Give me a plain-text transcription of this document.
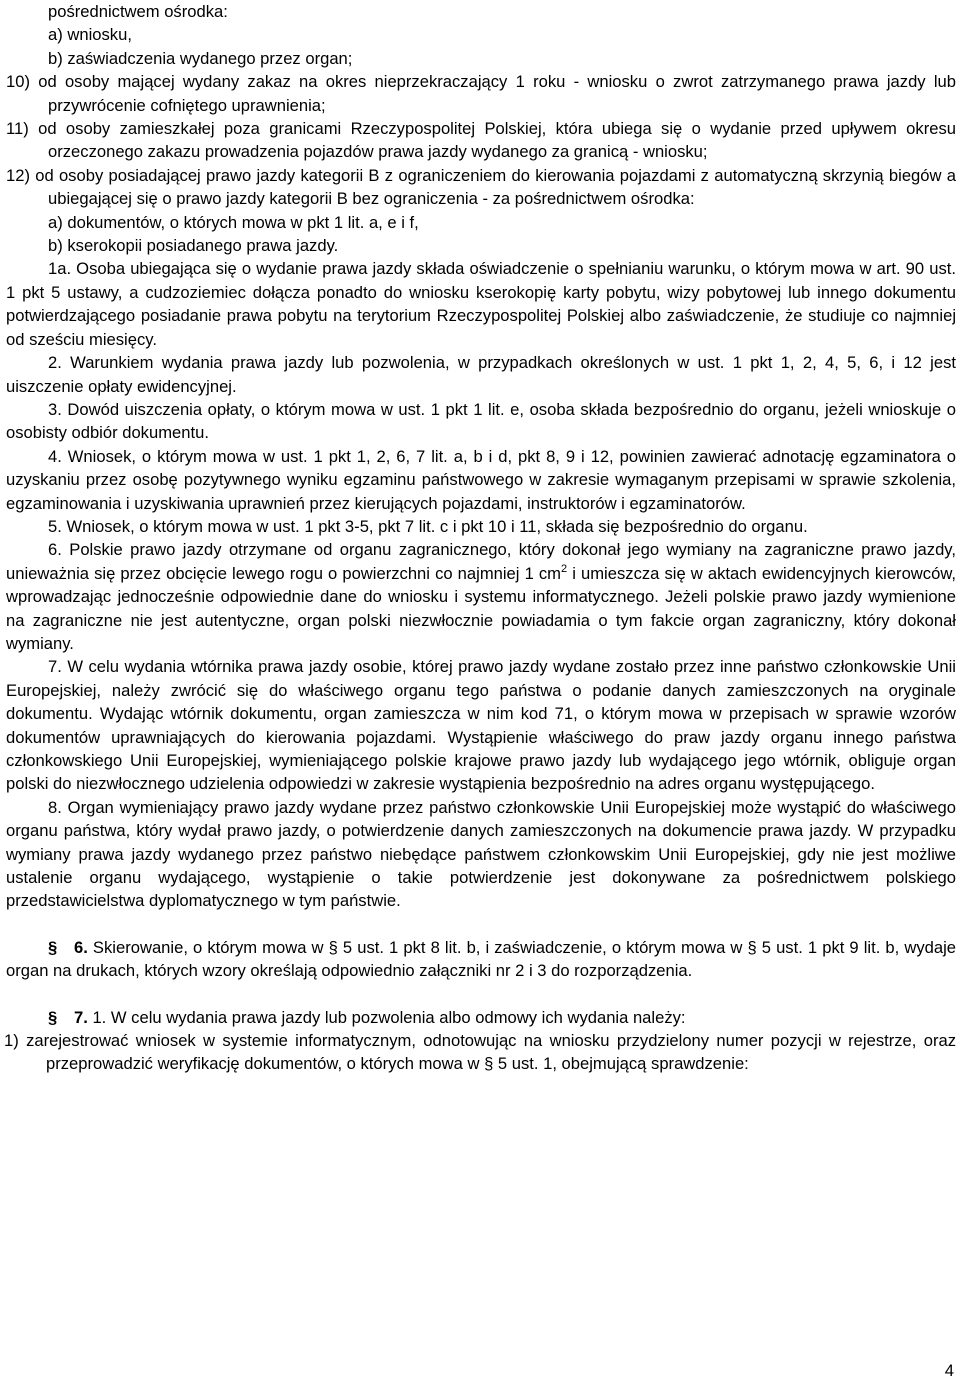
pośrednictwem ośrodka:

a) wniosku,

b) zaświadczenia wydanego przez organ;

10) od osoby mającej wydany zakaz na okres nieprzekraczający 1 roku - wniosku o zwrot zatrzymanego prawa jazdy lub przywrócenie cofniętego uprawnienia;

11) od osoby zamieszkałej poza granicami Rzeczypospolitej Polskiej, która ubiega się o wydanie przed upływem okresu orzeczonego zakazu prowadzenia pojazdów prawa jazdy wydanego za granicą - wniosku;

12) od osoby posiadającej prawo jazdy kategorii B z ograniczeniem do kierowania pojazdami z automatyczną skrzynią biegów a ubiegającej się o prawo jazdy kategorii B bez ograniczenia - za pośrednictwem ośrodka:

a) dokumentów, o których mowa w pkt 1 lit. a, e i f,

b) kserokopii posiadanego prawa jazdy.

1a. Osoba ubiegająca się o wydanie prawa jazdy składa oświadczenie o spełnianiu warunku, o którym mowa w art. 90 ust. 1 pkt 5 ustawy, a cudzoziemiec dołącza ponadto do wniosku kserokopię karty pobytu, wizy pobytowej lub innego dokumentu potwierdzającego posiadanie prawa pobytu na terytorium Rzeczypospolitej Polskiej albo zaświadczenie, że studiuje co najmniej od sześciu miesięcy.

2. Warunkiem wydania prawa jazdy lub pozwolenia, w przypadkach określonych w ust. 1 pkt 1, 2, 4, 5, 6, i 12 jest uiszczenie opłaty ewidencyjnej.

3. Dowód uiszczenia opłaty, o którym mowa w ust. 1 pkt 1 lit. e, osoba składa bezpośrednio do organu, jeżeli wnioskuje o osobisty odbiór dokumentu.

4. Wniosek, o którym mowa w ust. 1 pkt 1, 2, 6, 7 lit. a, b i d, pkt 8, 9 i 12, powinien zawierać adnotację egzaminatora o uzyskaniu przez osobę pozytywnego wyniku egzaminu państwowego w zakresie wymaganym przepisami w sprawie szkolenia, egzaminowania i uzyskiwania uprawnień przez kierujących pojazdami, instruktorów i egzaminatorów.

5. Wniosek, o którym mowa w ust. 1 pkt 3-5, pkt 7 lit. c i pkt 10 i 11, składa się bezpośrednio do organu.

6. Polskie prawo jazdy otrzymane od organu zagranicznego, który dokonał jego wymiany na zagraniczne prawo jazdy, unieważnia się przez obcięcie lewego rogu o powierzchni co najmniej 1 $cm^2$ i umieszcza się w aktach ewidencyjnych kierowców, wprowadzając jednocześnie odpowiednie dane do wniosku i systemu informatycznego. Jeżeli polskie prawo jazdy wymienione na zagraniczne nie jest autentyczne, organ polski niezwłocznie powiadamia o tym fakcie organ zagraniczny, który dokonał wymiany.

7. W celu wydania wtórnika prawa jazdy osobie, której prawo jazdy wydane zostało przez inne państwo członkowskie Unii Europejskiej, należy zwrócić się do właściwego organu tego państwa o podanie danych zamieszczonych na oryginale dokumentu. Wydając wtórnik dokumentu, organ zamieszcza w nim kod 71, o którym mowa w przepisach w sprawie wzorów dokumentów uprawniających do kierowania pojazdami. Wystąpienie właściwego do praw jazdy organu innego państwa członkowskiego Unii Europejskiej, wymieniającego polskie krajowe prawo jazdy lub wydającego jego wtórnik, obliguje organ polski do niezwłocznego udzielenia odpowiedzi w zakresie wystąpienia bezpośrednio na adres organu występującego.

8. Organ wymieniający prawo jazdy wydane przez państwo członkowskie Unii Europejskiej może wystąpić do właściwego organu państwa, który wydał prawo jazdy, o potwierdzenie danych zamieszczonych na dokumencie prawa jazdy. W przypadku wymiany prawa jazdy wydanego przez państwo niebędące państwem członkowskim Unii Europejskiej, gdy nie jest możliwe ustalenie organu wydającego, wystąpienie o takie potwierdzenie jest dokonywane za pośrednictwem polskiego przedstawicielstwa dyplomatycznego w tym państwie.

§ 6. Skierowanie, o którym mowa w § 5 ust. 1 pkt 8 lit. b, i zaświadczenie, o którym mowa w § 5 ust. 1 pkt 9 lit. b, wydaje organ na drukach, których wzory określają odpowiednio załączniki nr 2 i 3 do rozporządzenia.

§ 7. 1. W celu wydania prawa jazdy lub pozwolenia albo odmowy ich wydania należy:

1) zarejestrować wniosek w systemie informatycznym, odnotowując na wniosku przydzielony numer pozycji w rejestrze, oraz przeprowadzić weryfikację dokumentów, o których mowa w § 5 ust. 1, obejmującą sprawdzenie:

4
